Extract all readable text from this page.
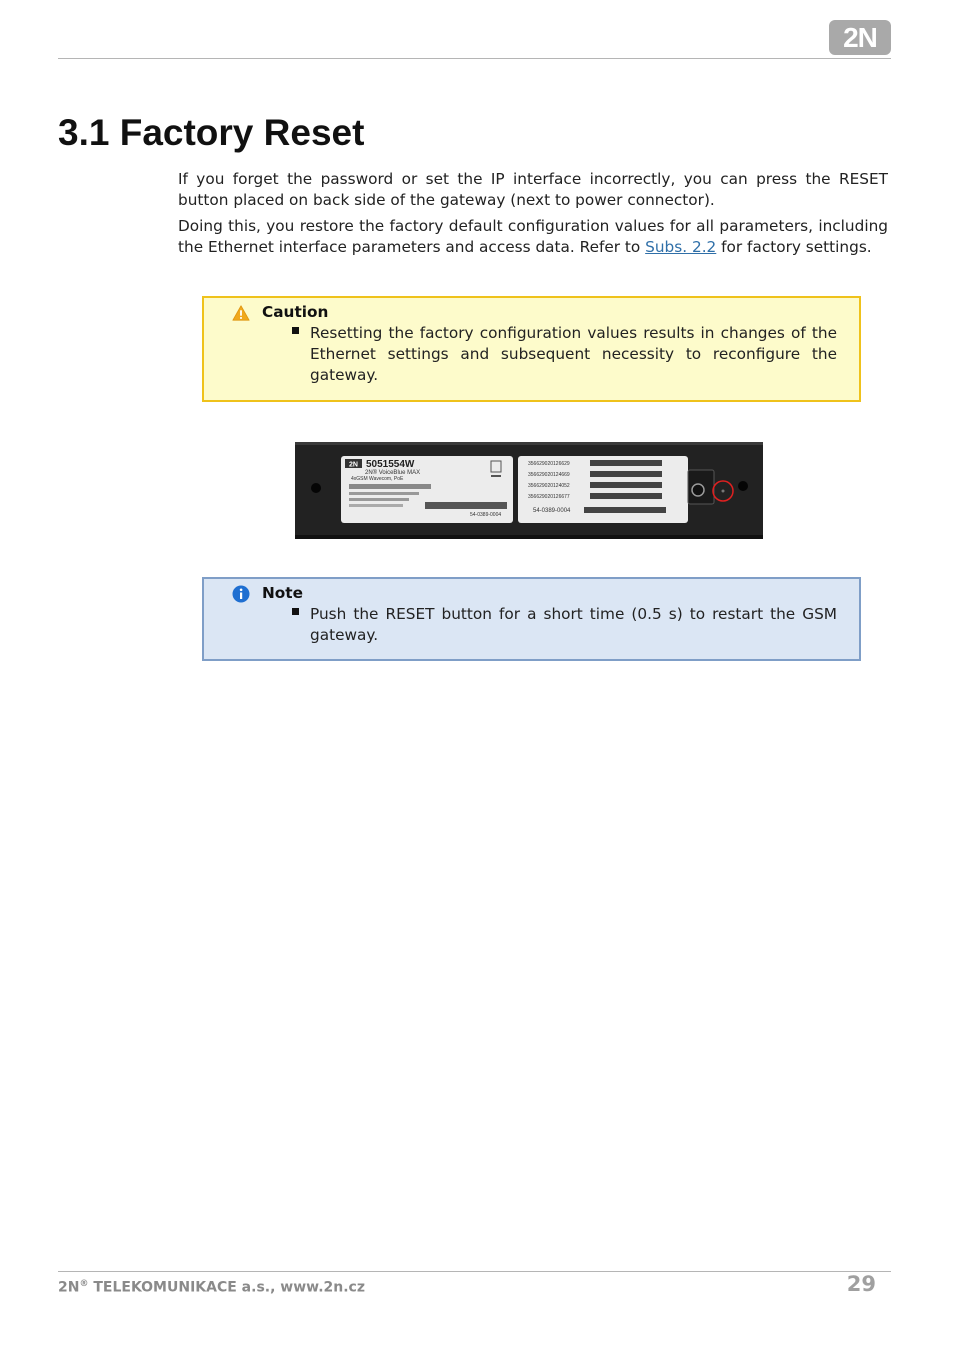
2N
3.1 Factory Reset

If you forget the password or set the IP interface incorrectly, you can press the RESET button placed on back side of the gateway (next to power connector).

Doing this, you restore the factory default configuration values for all parameters, including the Ethernet interface parameters and access data. Refer to Subs. 2.2 for factory settings.

Caution

Resetting the factory configuration values results in changes of the Ethernet settings and subsequent necessity to reconfigure the gateway.

2N 5051554W
2N® VoiceBlue MAX
4xGSM Wavecom, PoE
54-0389-0004
356629020126629
356629020124669
356629020124052
356629020126677
54-0389-0004
Note

Push the RESET button for a short time (0.5 s) to restart the GSM gateway.

2N® TELEKOMUNIKACE a.s., www.2n.cz	29
